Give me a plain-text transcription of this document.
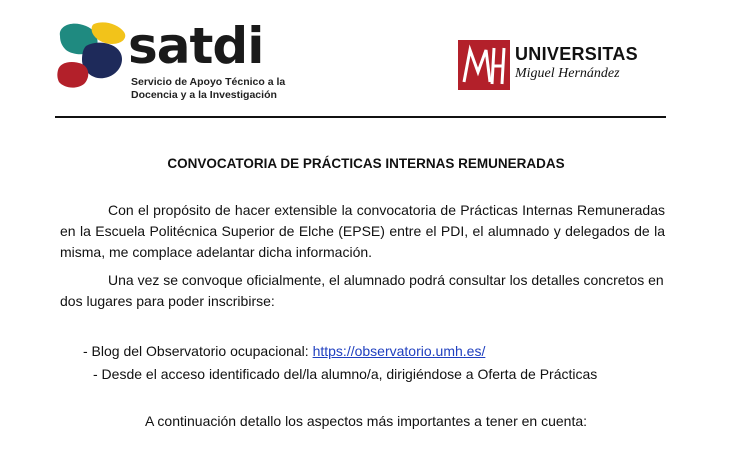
satdi
Servicio de Apoyo Técnico a la
Docencia y a la Investigación
UNIVERSITAS
Miguel Hernández
CONVOCATORIA DE PRÁCTICAS INTERNAS REMUNERADAS
Con el propósito de hacer extensible la convocatoria de Prácticas Internas Remuneradas en la Escuela Politécnica Superior de Elche (EPSE) entre el PDI, el alumnado y delegados de la misma, me complace adelantar dicha información.
Una vez se convoque oficialmente, el alumnado podrá consultar los detalles concretos en dos lugares para poder inscribirse:
- Blog del Observatorio ocupacional: https://observatorio.umh.es/
- Desde el acceso identificado del/la alumno/a, dirigiéndose a Oferta de Prácticas
A continuación detallo los aspectos más importantes a tener en cuenta:
